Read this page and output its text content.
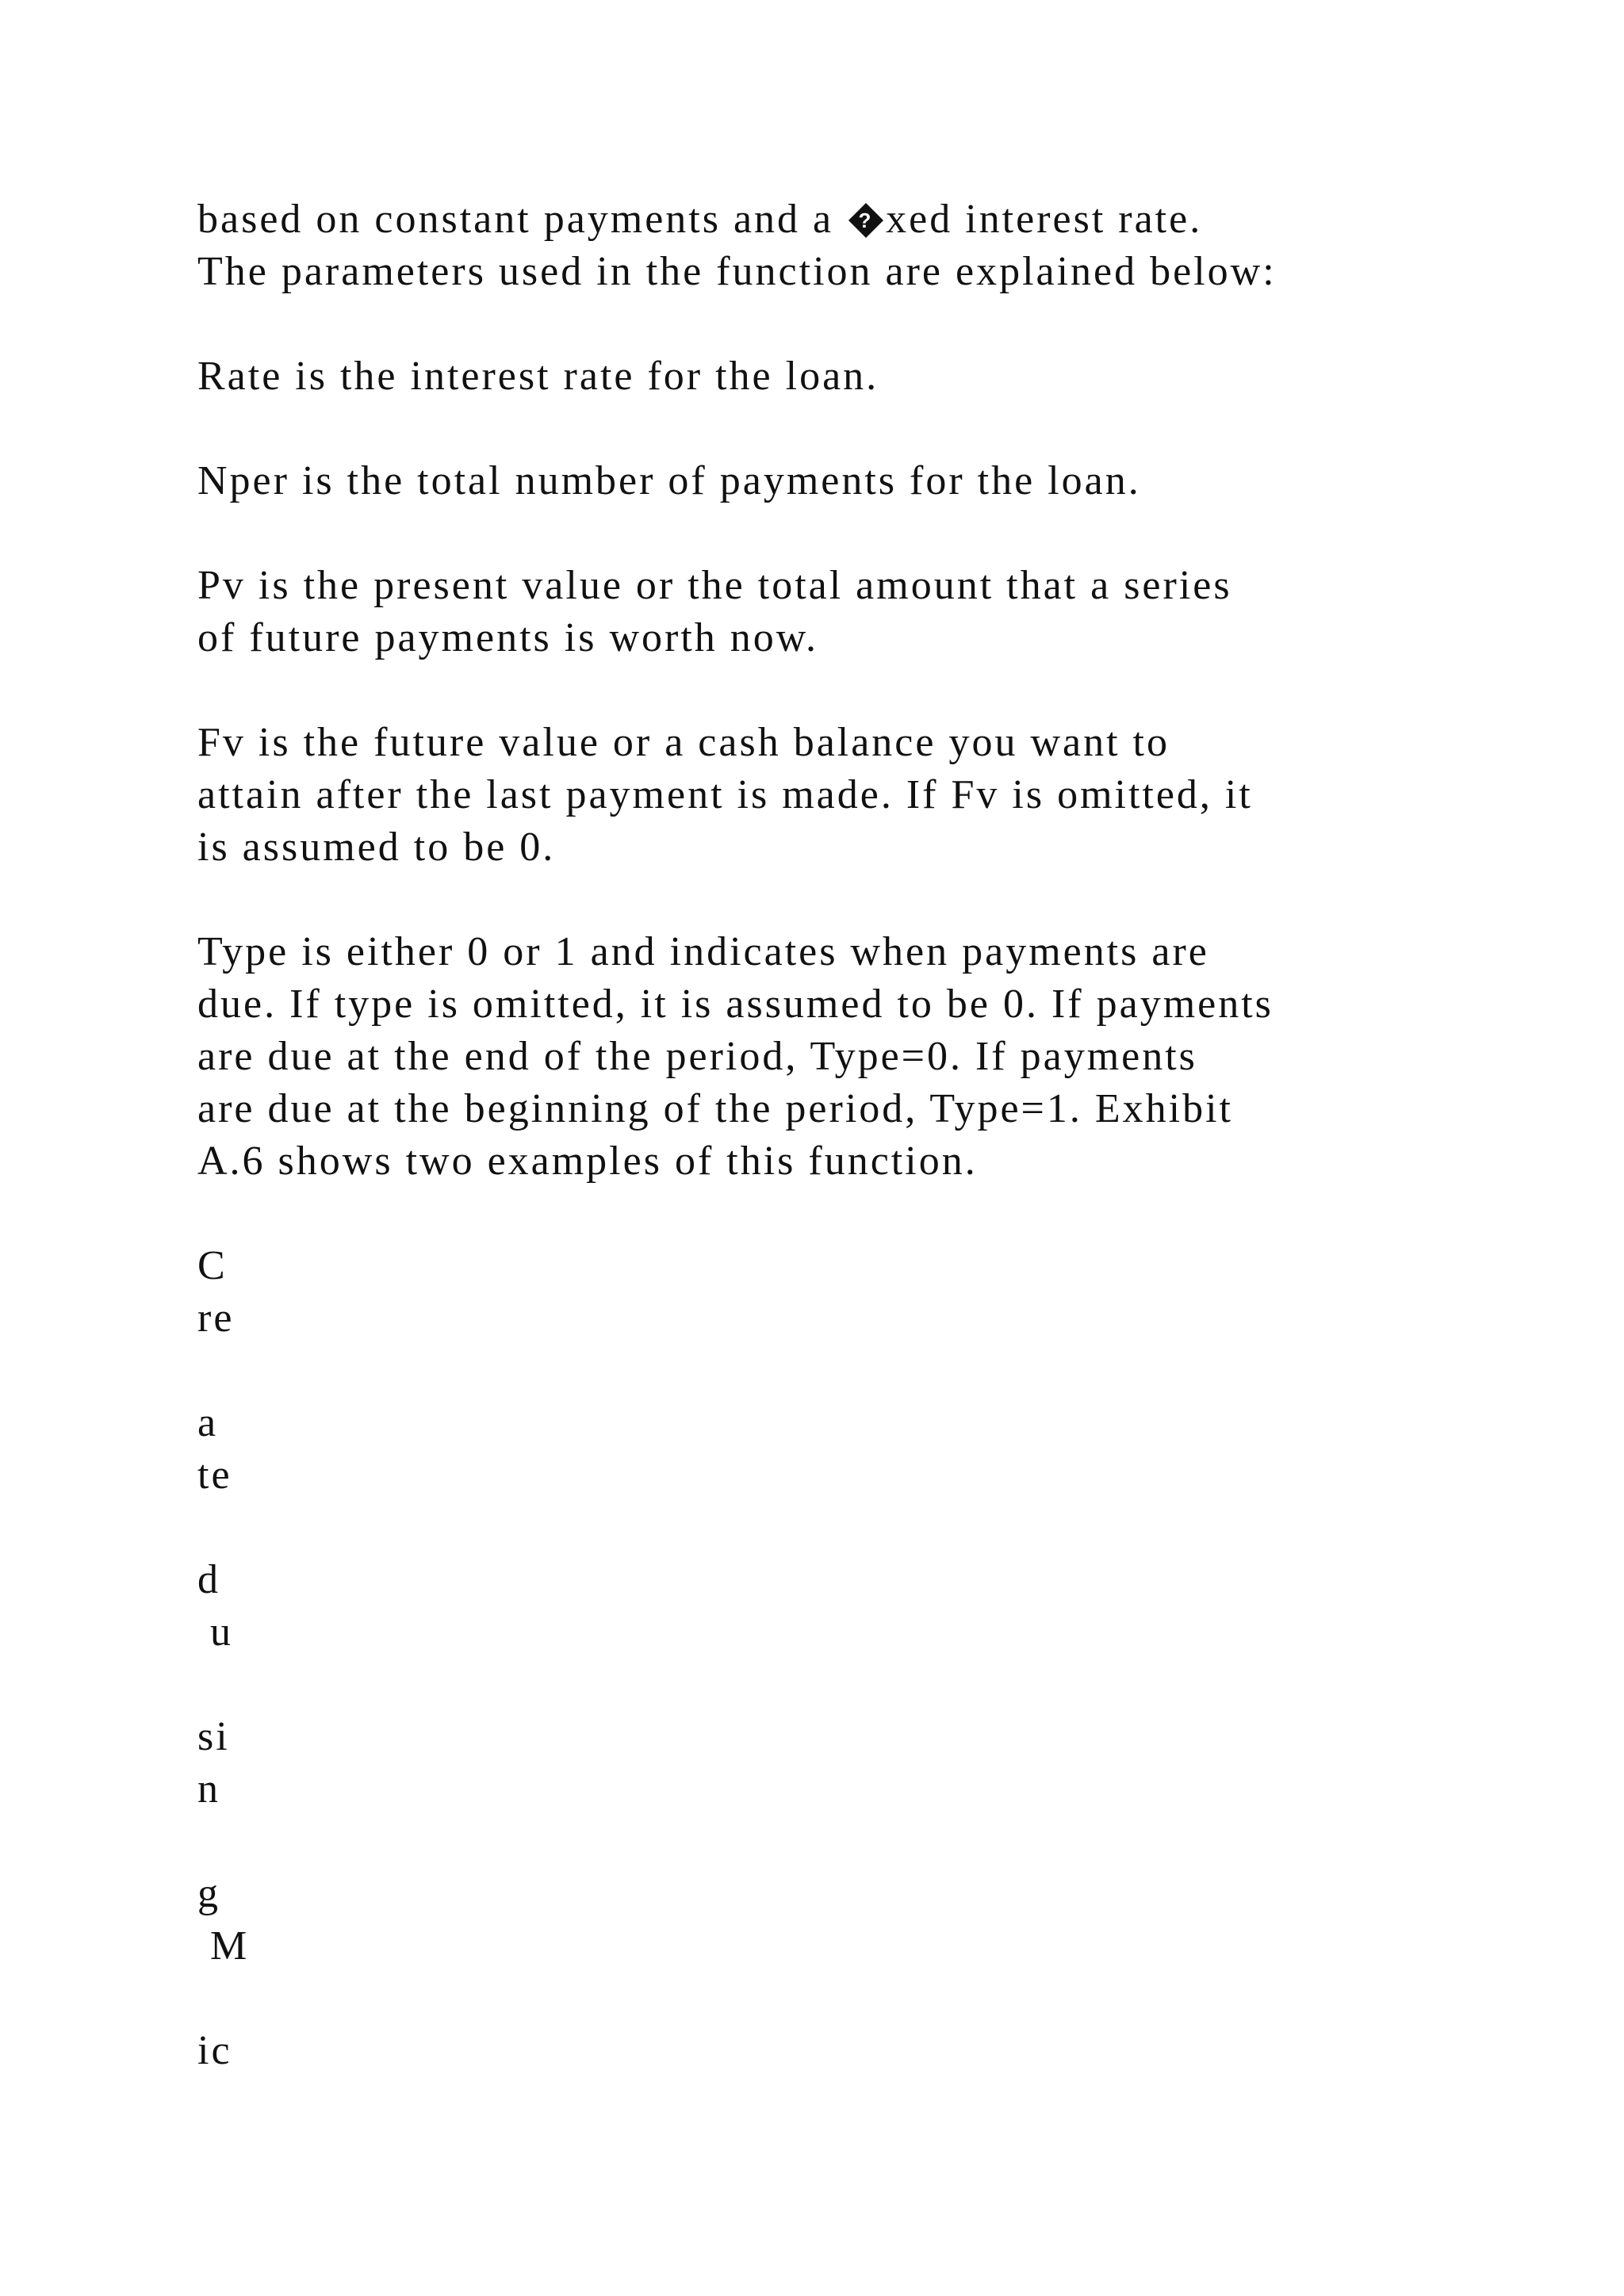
based on constant payments and a ? xed interest rate.
The parameters used in the function are explained below:
Rate is the interest rate for the loan.
Nper is the total number of payments for the loan.
Pv is the present value or the total amount that a series
of future payments is worth now.
Fv is the future value or a cash balance you want to
attain after the last payment is made. If Fv is omitted, it
is assumed to be 0.
Type is either 0 or 1 and indicates when payments are
due. If type is omitted, it is assumed to be 0. If payments
are due at the end of the period, Type=0. If payments
are due at the beginning of the period, Type=1. Exhibit
A.6 shows two examples of this function.
C
re
a
te
d
u
si
n
g
M
ic
